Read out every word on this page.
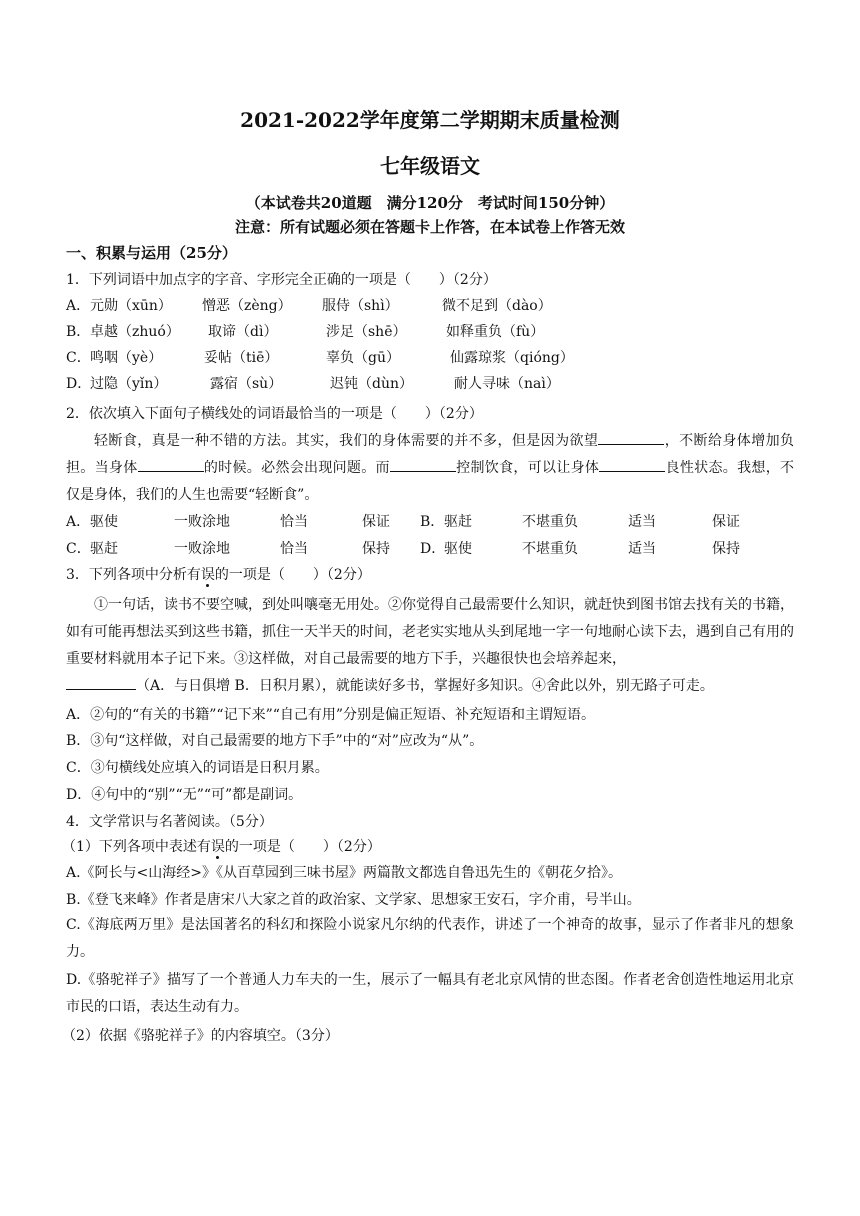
2021-2022学年度第二学期期末质量检测
七年级语文
（本试卷共20道题　满分120分　考试时间150分钟）
注意：所有试题必须在答题卡上作答，在本试卷上作答无效
一、积累与运用（25分）
1．下列词语中加点字的字音、字形完全正确的一项是（　　）（2分）
A．元勋（xūn） 憎恶（zèng） 服侍（shì）	微不足到（dào）
B．卓越（zhuó） 取谛（dì）	涉足（shē）	如释重负（fù）
C．鸣咽（yè）	妥帖（tiē）	辜负（gū）	仙露琼浆（qióng）
D．过隐（yǐn）	露宿（sù）	迟钝（dùn）	耐人寻味（naì）
2．依次填入下面句子横线处的词语最恰当的一项是（　　）（2分）

轻断食，真是一种不错的方法。其实，我们的身体需要的并不多，但是因为欲望	，不断给身体增加负担。当身体	的时候。必然会出现问题。而	控制饮食，可以让身体	良性状态。我想，不仅是身体，我们的人生也需要“轻断食”。

A．驱使	一败涂地	恰当	保证 B．驱赶	不堪重负	适当	保证
C．驱赶	一败涂地	恰当	保持 D．驱使	不堪重负	适当	保持
3．下列各项中分析有误的一项是（　　）（2分）

①一句话，读书不要空喊，到处叫嚷毫无用处。②你觉得自己最需要什么知识，就赶快到图书馆去找有关的书籍，如有可能再想法买到这些书籍，抓住一天半天的时间，老老实实地从头到尾地一字一句地耐心读下去，遇到自己有用的重要材料就用本子记下来。③这样做，对自己最需要的地方下手，兴趣很快也会培养起来，
（A．与日俱增 B．日积月累），就能读好多书，掌握好多知识。④舍此以外，别无路子可走。

A．②句的“有关的书籍”“记下来”“自己有用”分别是偏正短语、补充短语和主谓短语。
B．③句“这样做，对自己最需要的地方下手”中的“对”应改为“从”。
C．③句横线处应填入的词语是日积月累。
D．④句中的“别”“无”“可”都是副词。
4．文学常识与名著阅读。（5分）
（1）下列各项中表述有误的一项是（　　）（2分）
A.《阿长与<山海经>》《从百草园到三味书屋》两篇散文都选自鲁迅先生的《朝花夕拾》。
B.《登飞来峰》作者是唐宋八大家之首的政治家、文学家、思想家王安石，字介甫，号半山。
C.《海底两万里》是法国著名的科幻和探险小说家凡尔纳的代表作，讲述了一个神奇的故事，显示了作者非凡的想象力。
D.《骆驼祥子》描写了一个普通人力车夫的一生，展示了一幅具有老北京风情的世态图。作者老舍创造性地运用北京市民的口语，表达生动有力。
（2）依据《骆驼祥子》的内容填空。（3分）
